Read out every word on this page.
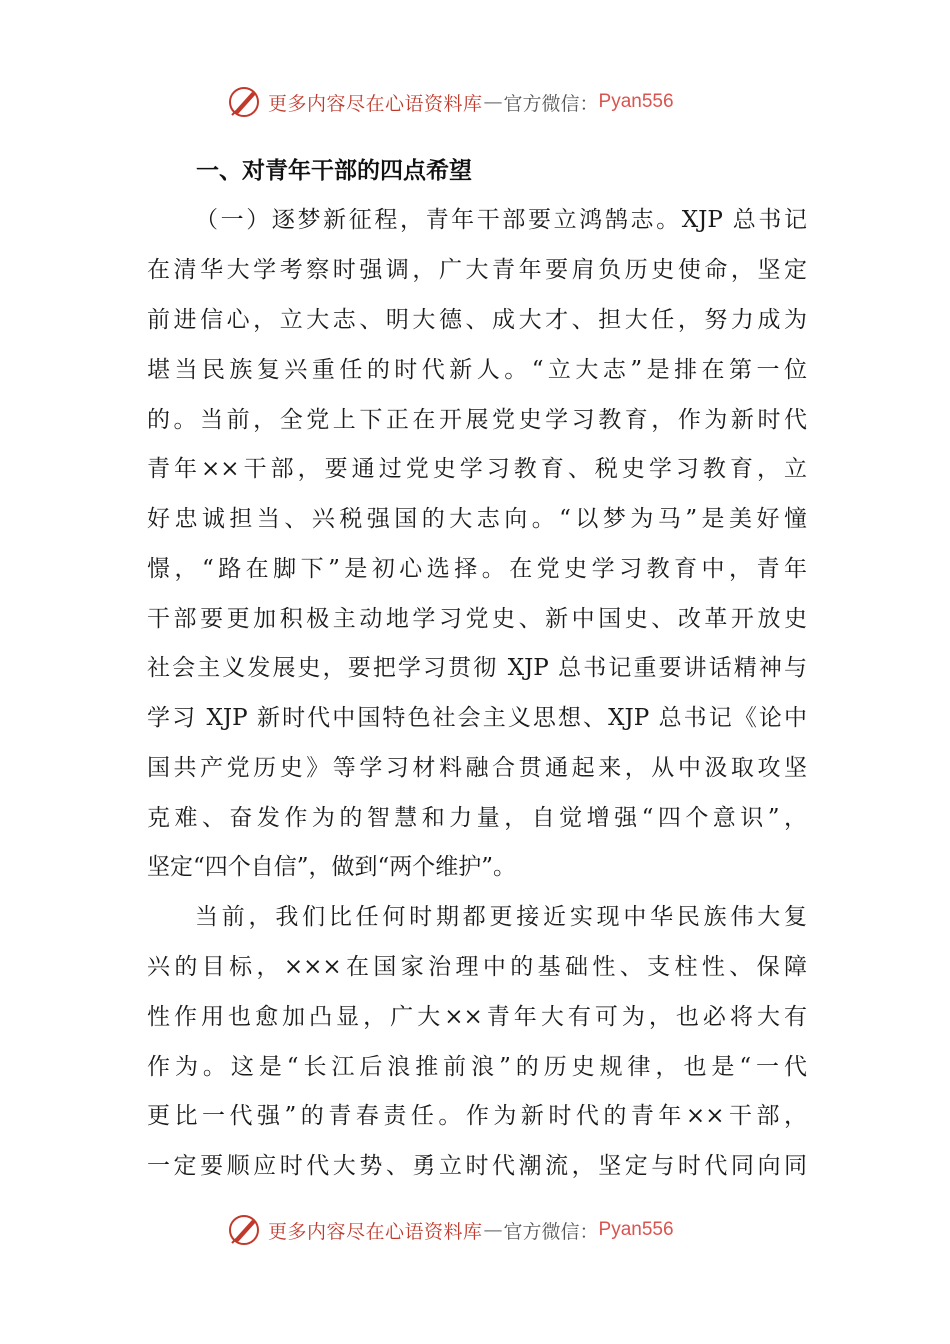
更多内容尽在心语资料库 — 官方微信： Pyan556
一、对青年干部的四点希望
（一）逐梦新征程，青年干部要立鸿鹄志。XJP 总书记
在清华大学考察时强调，广大青年要肩负历史使命，坚定
前进信心，立大志、明大德、成大才、担大任，努力成为
堪当民族复兴重任的时代新人。“立大志”是排在第一位
的。当前，全党上下正在开展党史学习教育，作为新时代
青年××干部，要通过党史学习教育、税史学习教育，立
好忠诚担当、兴税强国的大志向。“以梦为马”是美好憧
憬，“路在脚下”是初心选择。在党史学习教育中，青年
干部要更加积极主动地学习党史、新中国史、改革开放史
社会主义发展史，要把学习贯彻 XJP 总书记重要讲话精神与
学习 XJP 新时代中国特色社会主义思想、XJP 总书记《论中
国共产党历史》等学习材料融合贯通起来，从中汲取攻坚
克难、奋发作为的智慧和力量，自觉增强“四个意识”，
坚定“四个自信”，做到“两个维护”。
当前，我们比任何时期都更接近实现中华民族伟大复
兴的目标，×××在国家治理中的基础性、支柱性、保障
性作用也愈加凸显，广大××青年大有可为，也必将大有
作为。这是“长江后浪推前浪”的历史规律，也是“一代
更比一代强”的青春责任。作为新时代的青年××干部，
一定要顺应时代大势、勇立时代潮流，坚定与时代同向同
更多内容尽在心语资料库 — 官方微信： Pyan556
